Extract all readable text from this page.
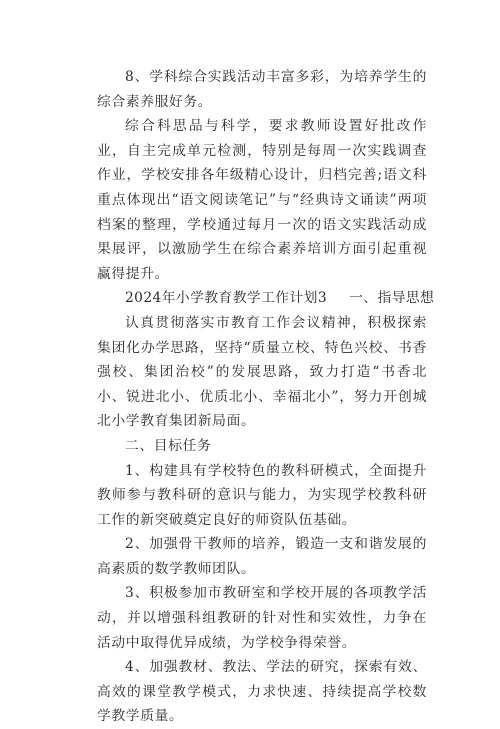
8、学科综合实践活动丰富多彩，为培养学生的综合素养服好务。

综合科思品与科学，要求教师设置好批改作业，自主完成单元检测，特别是每周一次实践调查作业，学校安排各年级精心设计，归档完善;语文科重点体现出“语文阅读笔记”与“经典诗文诵读”两项档案的整理，学校通过每月一次的语文实践活动成果展评，以激励学生在综合素养培训方面引起重视赢得提升。

2024年小学教育教学工作计划3 一、指导思想

认真贯彻落实市教育工作会议精神，积极探索集团化办学思路，坚持“质量立校、特色兴校、书香强校、集团治校”的发展思路，致力打造“书香北小、锐进北小、优质北小、幸福北小”，努力开创城北小学教育集团新局面。

二、目标任务

1、构建具有学校特色的教科研模式，全面提升教师参与教科研的意识与能力，为实现学校教科研工作的新突破奠定良好的师资队伍基础。

2、加强骨干教师的培养，锻造一支和谐发展的高素质的数学教师团队。

3、积极参加市教研室和学校开展的各项教学活动，并以增强科组教研的针对性和实效性，力争在活动中取得优异成绩，为学校争得荣誉。

4、加强教材、教法、学法的研究，探索有效、高效的课堂教学模式，力求快速、持续提高学校数学教学质量。
